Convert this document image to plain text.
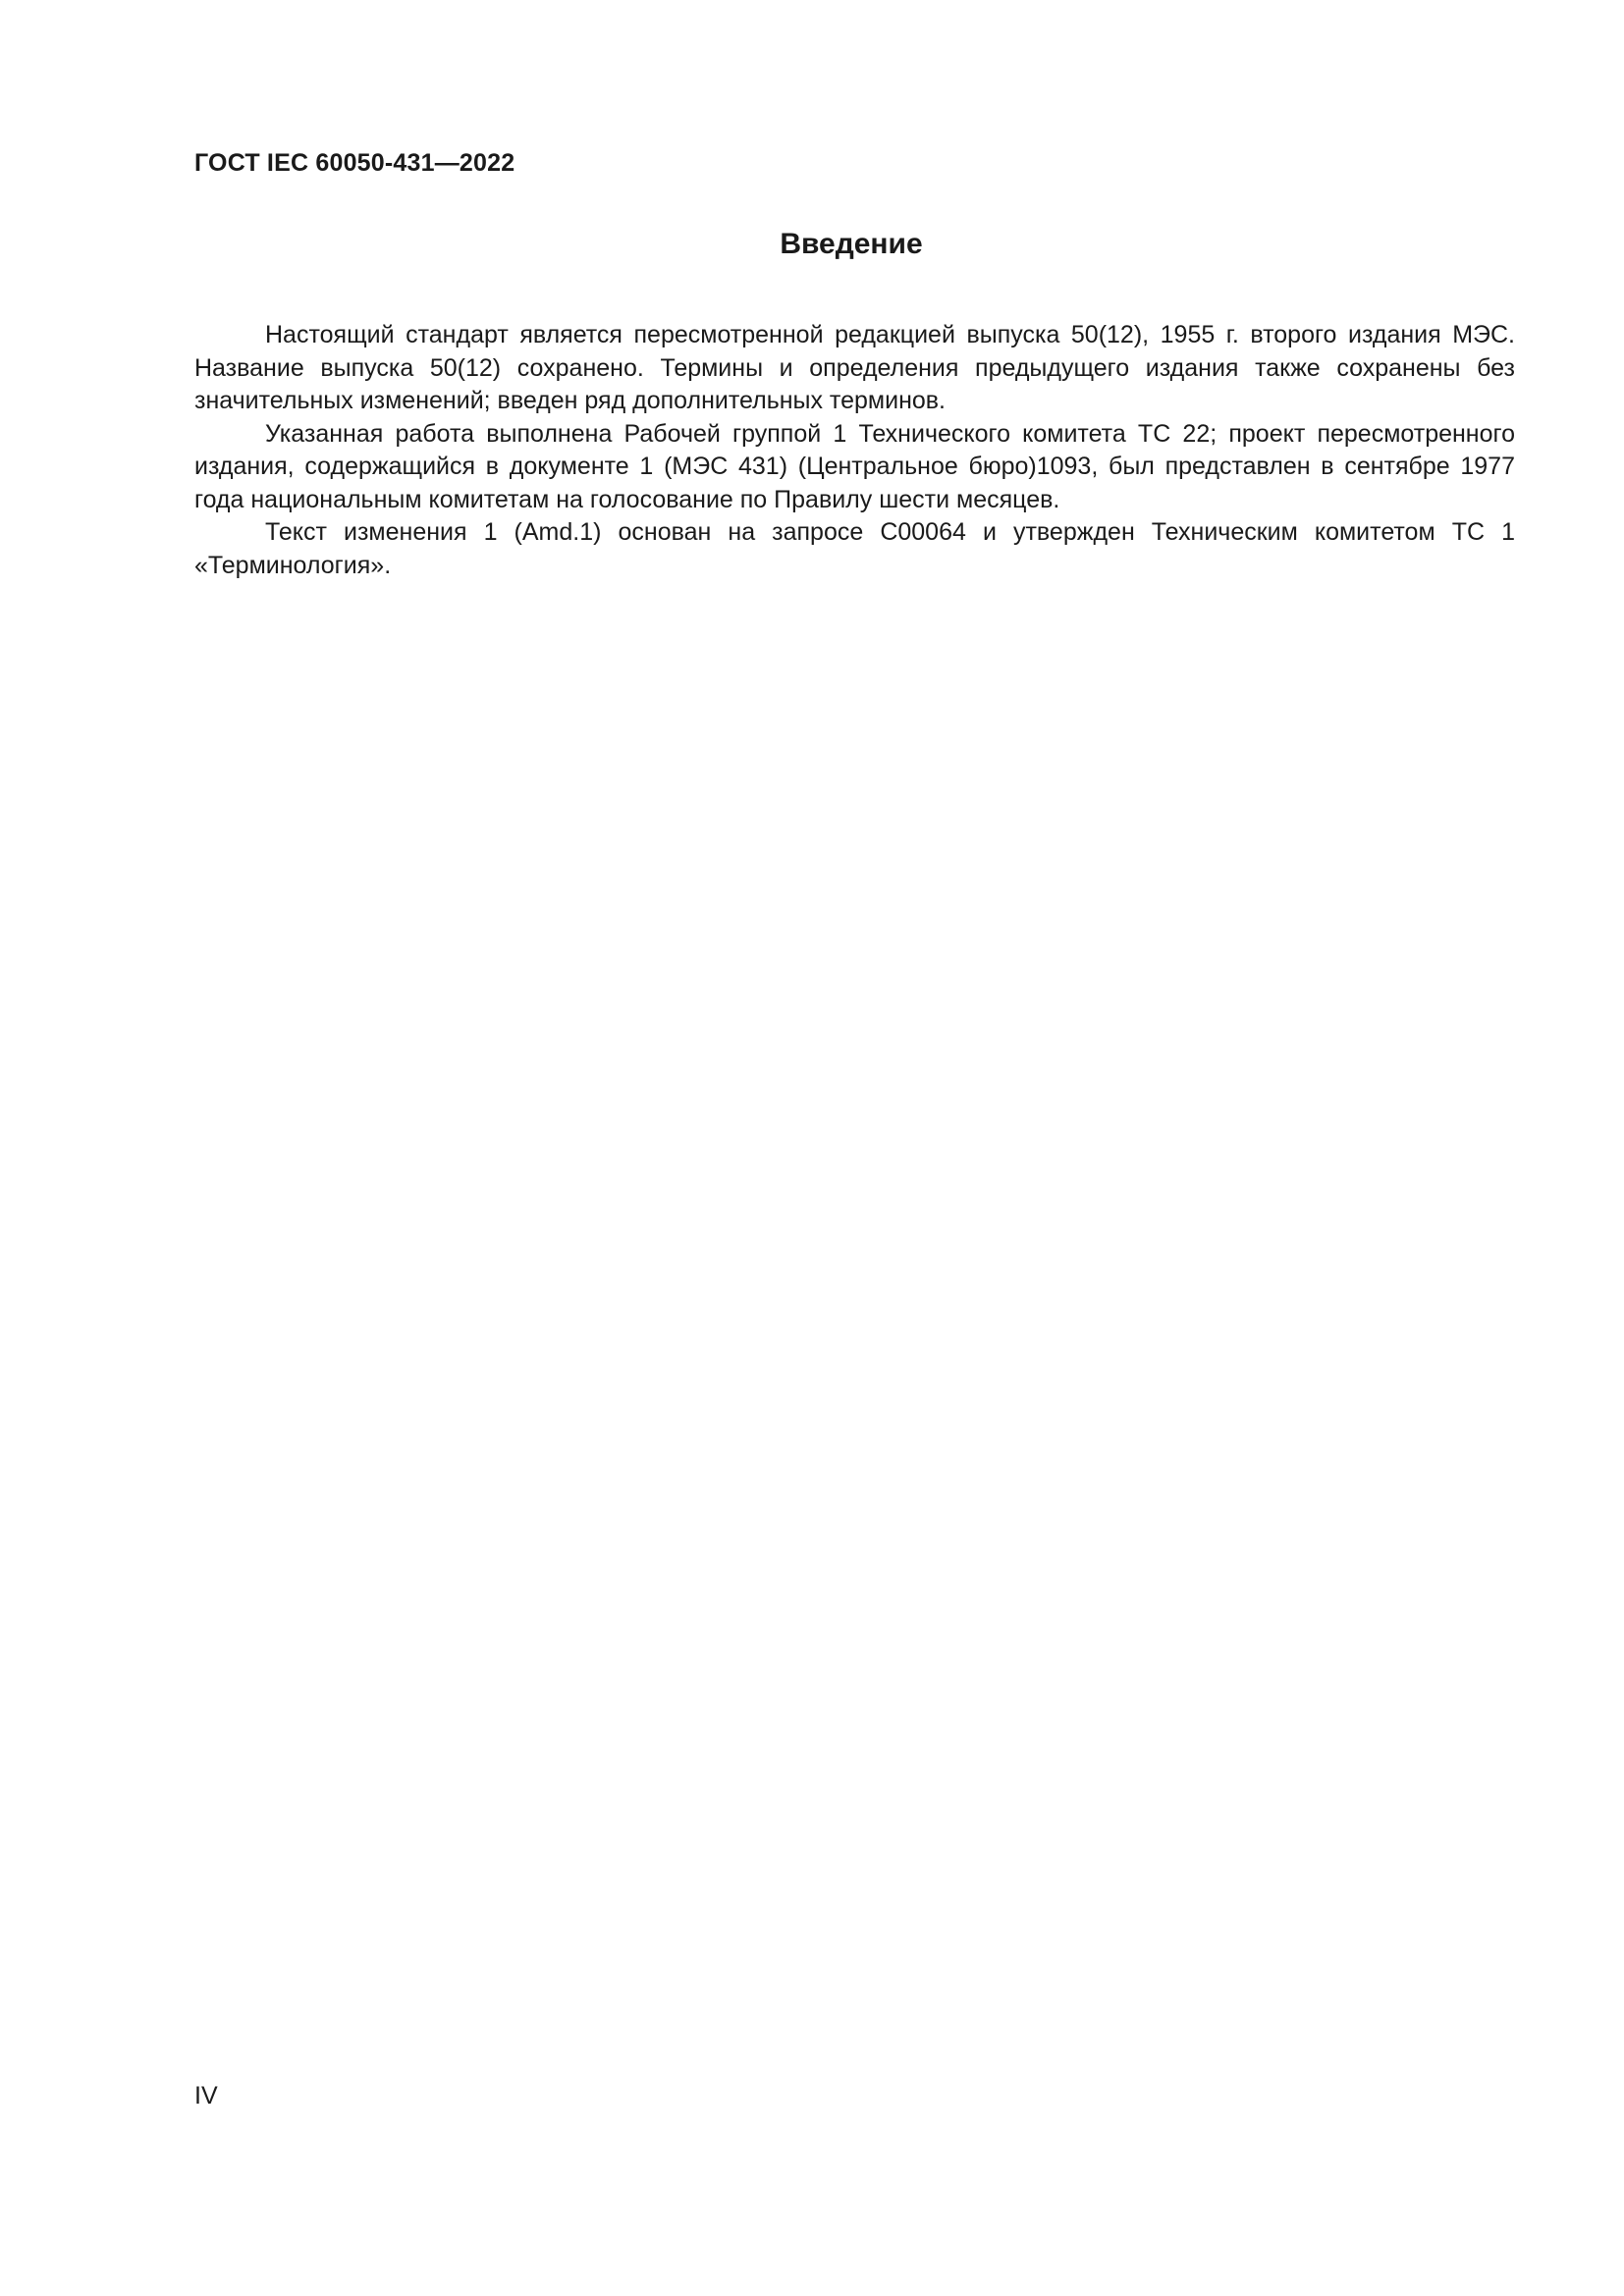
ГОСТ IEC 60050-431—2022
Введение

Настоящий стандарт является пересмотренной редакцией выпуска 50(12), 1955 г. второго издания МЭС. Название выпуска 50(12) сохранено. Термины и определения предыдущего издания также сохранены без значительных изменений; введен ряд дополнительных терминов.

Указанная работа выполнена Рабочей группой 1 Технического комитета ТС 22; проект пересмотренного издания, содержащийся в документе 1 (МЭС 431) (Центральное бюро)1093, был представлен в сентябре 1977 года национальным комитетам на голосование по Правилу шести месяцев.

Текст изменения 1 (Amd.1) основан на запросе С00064 и утвержден Техническим комитетом ТС 1 «Терминология».

IV
